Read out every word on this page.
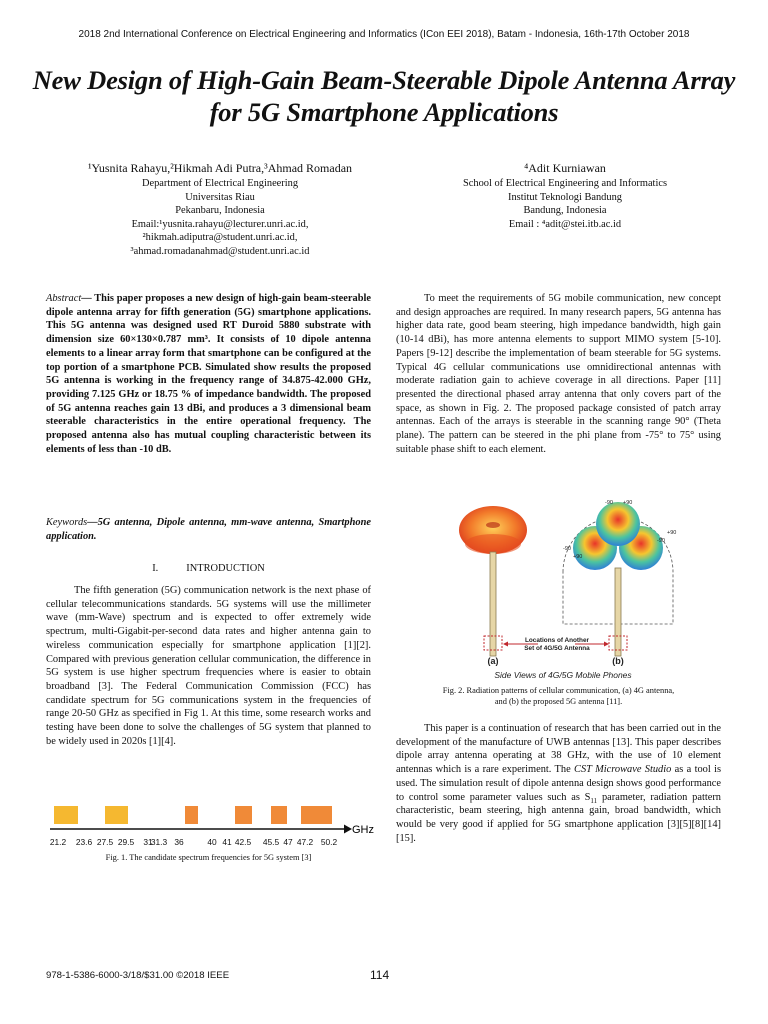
2018 2nd International Conference on Electrical Engineering and Informatics (ICon EEI 2018), Batam - Indonesia, 16th-17th October 2018
New Design of High-Gain Beam-Steerable Dipole Antenna Array for 5G Smartphone Applications
¹Yusnita Rahayu,²Hikmah Adi Putra,³Ahmad Romadan
Department of Electrical Engineering
Universitas Riau
Pekanbaru, Indonesia
Email:¹yusnita.rahayu@lecturer.unri.ac.id,
²hikmah.adiputra@student.unri.ac.id,
³ahmad.romadanahmad@student.unri.ac.id
⁴Adit Kurniawan
School of Electrical Engineering and Informatics
Institut Teknologi Bandung
Bandung, Indonesia
Email : ⁴adit@stei.itb.ac.id
Abstract— This paper proposes a new design of high-gain beam-steerable dipole antenna array for fifth generation (5G) smartphone applications. This 5G antenna was designed used RT Duroid 5880 substrate with dimension size 60×130×0.787 mm³. It consists of 10 dipole antenna elements to a linear array form that smartphone can be configured at the top portion of a smartphone PCB. Simulated show results the proposed 5G antenna is working in the frequency range of 34.875-42.000 GHz, providing 7.125 GHz or 18.75 % of impedance bandwidth. The proposed of 5G antenna reaches gain 13 dBi, and produces a 3 dimensional beam steerable characteristics in the entire operational frequency. The proposed antenna also has mutual coupling characteristic between its elements of less than -10 dB.
Keywords—5G antenna, Dipole antenna, mm-wave antenna, Smartphone application.
I.	INTRODUCTION
The fifth generation (5G) communication network is the next phase of cellular telecommunications standards. 5G systems will use the millimeter wave (mm-Wave) spectrum and is expected to offer extremely wide spectrum, multi-Gigabit-per-second data rates and higher antenna gain to wireless communication especially for smartphone application [1][2]. Compared with previous generation cellular communication, the difference in 5G system is use higher spectrum frequencies where is easier to obtain broadband [3]. The Federal Communication Commission (FCC) has candidate spectrum for 5G communications system in the frequencies of range 20-50 GHz as specified in Fig 1. At this time, some research works and testing have been done to solve the challenges of 5G system that planned to be widely used in 2020s [1][4].
GHz
21.2 23.6 27.5 29.5 31
31.3 36	40 41 42.5 45.5 47 47.2 50.2
Fig. 1. The candidate spectrum frequencies for 5G system [3]
To meet the requirements of 5G mobile communication, new concept and design approaches are required. In many research papers, 5G antenna has higher data rate, good beam steering, high impedance bandwidth, high gain (10-14 dBi), has more antenna elements to support MIMO system [5-10]. Papers [9-12] describe the implementation of beam steerable for 5G systems. Typical 4G cellular communications use omnidirectional antennas with moderate radiation gain to achieve coverage in all directions. Paper [11] presented the directional phased array antenna that only covers part of the space, as shown in Fig. 2. The proposed package consisted of patch array antennas. Each of the arrays is steerable in the scanning range 90° (Theta plane). The pattern can be steered in the phi plane from -75° to 75° using suitable phase shift to each element.
-90 +90
-90
+90
-90
+90
Locations of Another
Set of 4G/5G Antenna
(a)	(b)
Side Views of 4G/5G Mobile Phones
Fig. 2. Radiation patterns of cellular communication, (a) 4G antenna,
and (b) the proposed 5G antenna [11].
This paper is a continuation of research that has been carried out in the development of the manufacture of UWB antennas [13]. This paper describes dipole array antenna operating at 38 GHz, with the use of 10 element antennas which is a rare experiment. The CST Microwave Studio as a tool is used. The simulation result of dipole antenna design shows good performance to control some parameter values such as $S_{11}$ parameter, radiation pattern characteristic, beam steering, high antenna gain, broad bandwidth, which would be very good if applied for 5G smartphone application [3][5][8][14][15].
978-1-5386-6000-3/18/$31.00 ©2018 IEEE	114
